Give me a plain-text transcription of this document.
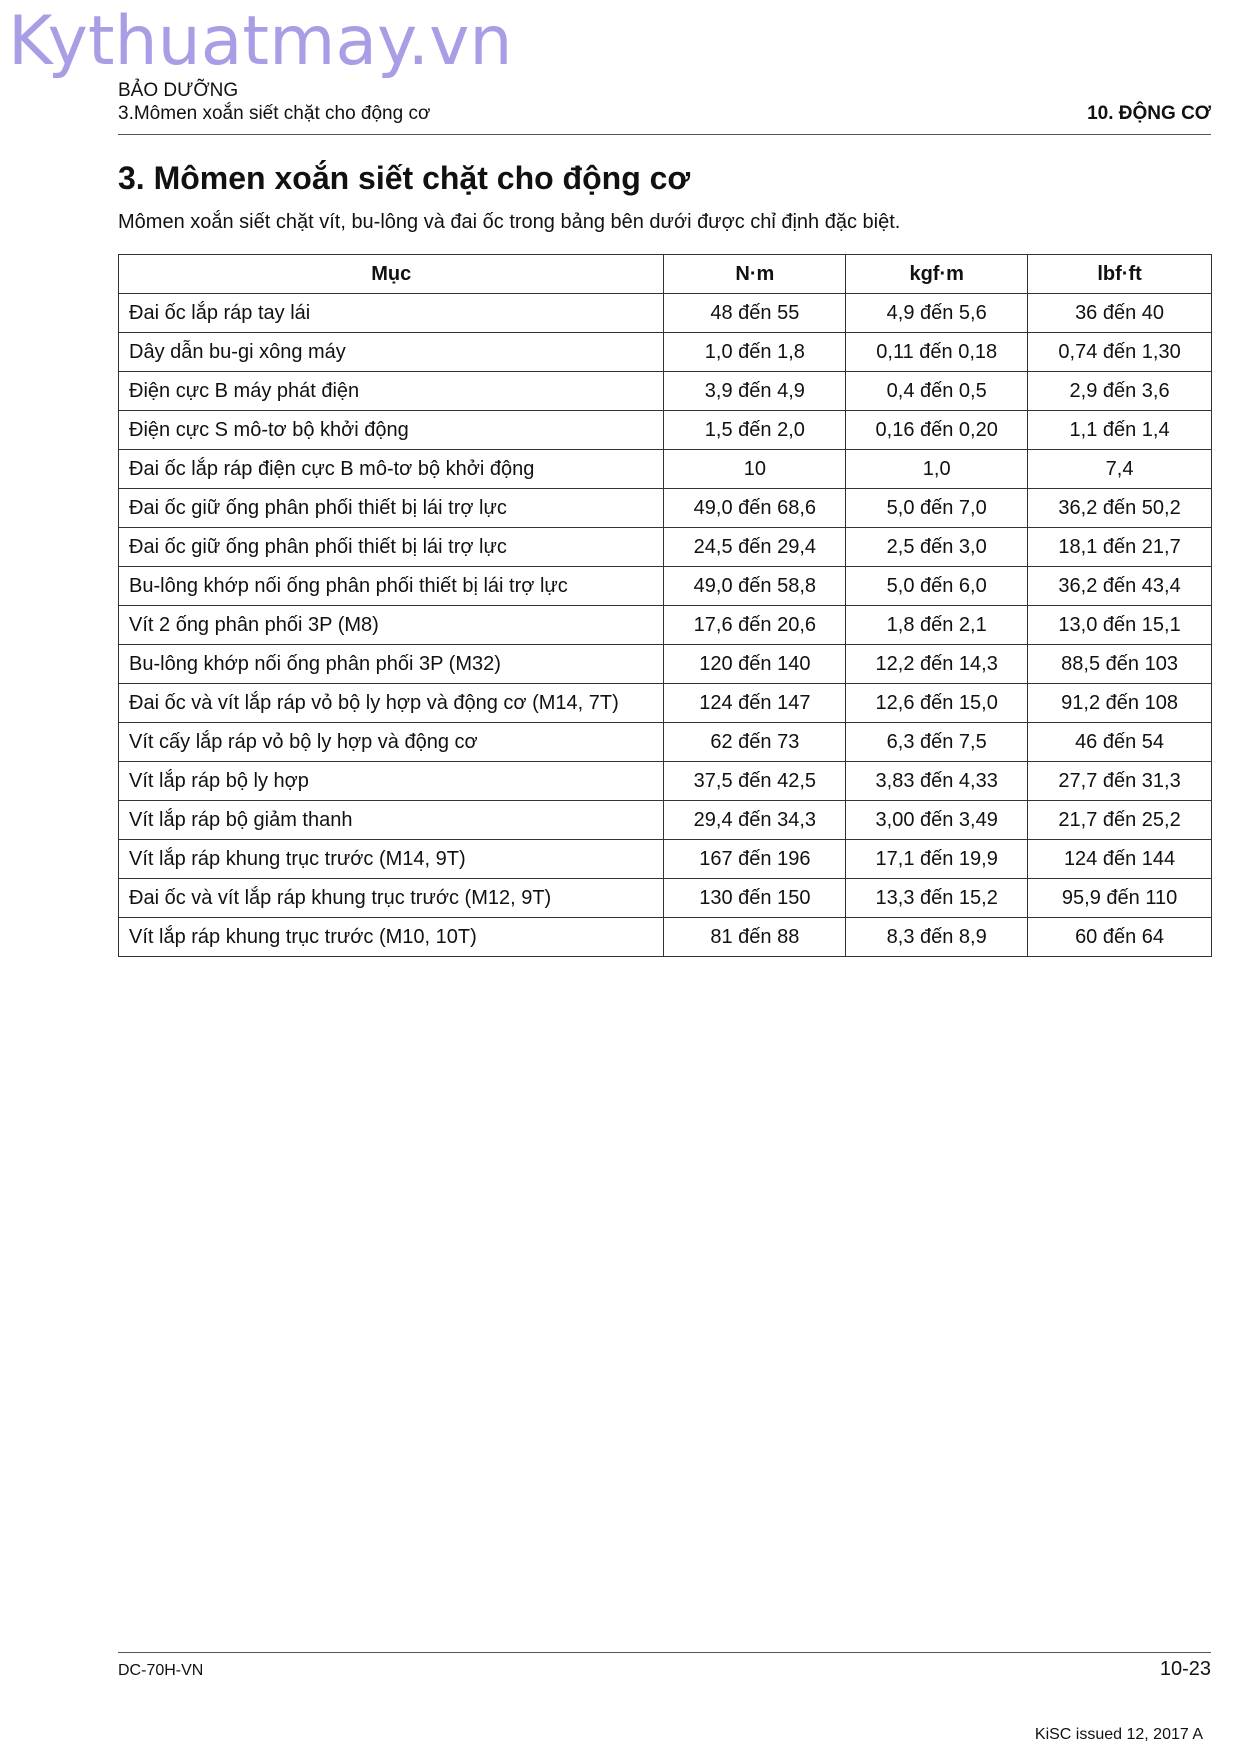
Kythuatmay.vn
BẢO DƯỠNG
3.Mômen xoắn siết chặt cho động cơ	10. ĐỘNG CƠ
3. Mômen xoắn siết chặt cho động cơ
Mômen xoắn siết chặt vít, bu-lông và đai ốc trong bảng bên dưới được chỉ định đặc biệt.
Mục	N·m	kgf·m	lbf·ft
Đai ốc lắp ráp tay lái	48 đến 55	4,9 đến 5,6	36 đến 40
Dây dẫn bu-gi xông máy	1,0 đến 1,8	0,11 đến 0,18	0,74 đến 1,30
Điện cực B máy phát điện	3,9 đến 4,9	0,4 đến 0,5	2,9 đến 3,6
Điện cực S mô-tơ bộ khởi động	1,5 đến 2,0	0,16 đến 0,20	1,1 đến 1,4
Đai ốc lắp ráp điện cực B mô-tơ bộ khởi động	10	1,0	7,4
Đai ốc giữ ống phân phối thiết bị lái trợ lực	49,0 đến 68,6	5,0 đến 7,0	36,2 đến 50,2
Đai ốc giữ ống phân phối thiết bị lái trợ lực	24,5 đến 29,4	2,5 đến 3,0	18,1 đến 21,7
Bu-lông khớp nối ống phân phối thiết bị lái trợ lực	49,0 đến 58,8	5,0 đến 6,0	36,2 đến 43,4
Vít 2 ống phân phối 3P (M8)	17,6 đến 20,6	1,8 đến 2,1	13,0 đến 15,1
Bu-lông khớp nối ống phân phối 3P (M32)	120 đến 140	12,2 đến 14,3	88,5 đến 103
Đai ốc và vít lắp ráp vỏ bộ ly hợp và động cơ (M14, 7T)	124 đến 147	12,6 đến 15,0	91,2 đến 108
Vít cấy lắp ráp vỏ bộ ly hợp và động cơ	62 đến 73	6,3 đến 7,5	46 đến 54
Vít lắp ráp bộ ly hợp	37,5 đến 42,5	3,83 đến 4,33	27,7 đến 31,3
Vít lắp ráp bộ giảm thanh	29,4 đến 34,3	3,00 đến 3,49	21,7 đến 25,2
Vít lắp ráp khung trục trước (M14, 9T)	167 đến 196	17,1 đến 19,9	124 đến 144
Đai ốc và vít lắp ráp khung trục trước (M12, 9T)	130 đến 150	13,3 đến 15,2	95,9 đến 110
Vít lắp ráp khung trục trước (M10, 10T)	81 đến 88	8,3 đến 8,9	60 đến 64
DC-70H-VN	10-23
KiSC issued 12, 2017 A
